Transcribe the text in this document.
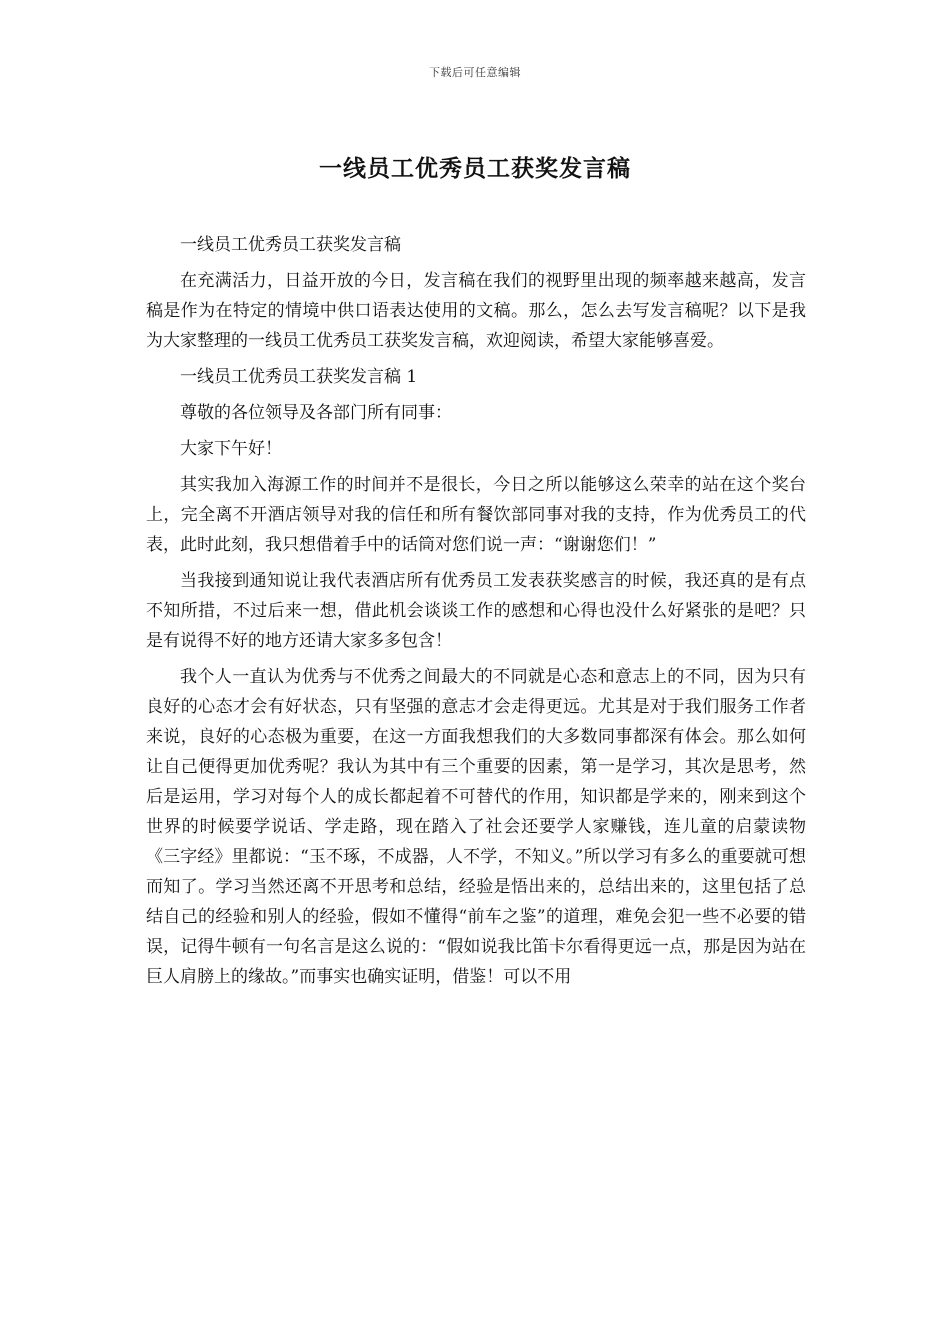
下载后可任意编辑
一线员工优秀员工获奖发言稿

一线员工优秀员工获奖发言稿

在充满活力，日益开放的今日，发言稿在我们的视野里出现的频率越来越高，发言稿是作为在特定的情境中供口语表达使用的文稿。那么，怎么去写发言稿呢？以下是我为大家整理的一线员工优秀员工获奖发言稿，欢迎阅读，希望大家能够喜爱。

一线员工优秀员工获奖发言稿 1

尊敬的各位领导及各部门所有同事：

大家下午好！

其实我加入海源工作的时间并不是很长，今日之所以能够这么荣幸的站在这个奖台上，完全离不开酒店领导对我的信任和所有餐饮部同事对我的支持，作为优秀员工的代表，此时此刻，我只想借着手中的话筒对您们说一声：“谢谢您们！”

当我接到通知说让我代表酒店所有优秀员工发表获奖感言的时候，我还真的是有点不知所措，不过后来一想，借此机会谈谈工作的感想和心得也没什么好紧张的是吧？只是有说得不好的地方还请大家多多包含！

我个人一直认为优秀与不优秀之间最大的不同就是心态和意志上的不同，因为只有良好的心态才会有好状态，只有坚强的意志才会走得更远。尤其是对于我们服务工作者来说，良好的心态极为重要，在这一方面我想我们的大多数同事都深有体会。那么如何让自己便得更加优秀呢？我认为其中有三个重要的因素，第一是学习，其次是思考，然后是运用，学习对每个人的成长都起着不可替代的作用，知识都是学来的，刚来到这个世界的时候要学说话、学走路，现在踏入了社会还要学人家赚钱，连儿童的启蒙读物《三字经》里都说：“玉不琢，不成器，人不学，不知义。”所以学习有多么的重要就可想而知了。学习当然还离不开思考和总结，经验是悟出来的，总结出来的，这里包括了总结自己的经验和别人的经验，假如不懂得“前车之鉴”的道理，难免会犯一些不必要的错误，记得牛顿有一句名言是这么说的：“假如说我比笛卡尔看得更远一点，那是因为站在巨人肩膀上的缘故。”而事实也确实证明，借鉴！可以不用
